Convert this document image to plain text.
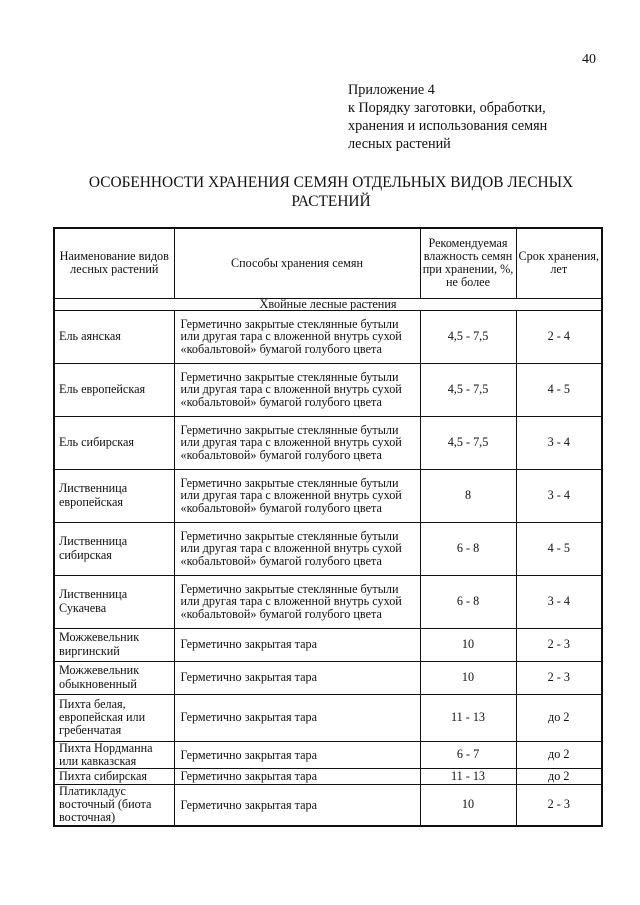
40
Приложение 4
к Порядку заготовки, обработки,
хранения и использования семян
лесных растений
ОСОБЕННОСТИ ХРАНЕНИЯ СЕМЯН ОТДЕЛЬНЫХ ВИДОВ ЛЕСНЫХ
РАСТЕНИЙ
Наименование видов лесных растений	Способы хранения семян	Рекомендуемая влажность семян при хранении, %, не более	Срок хранения, лет
Хвойные лесные растения			
Ель аянская	Герметично закрытые стеклянные бутыли или другая тара с вложенной внутрь сухой «кобальтовой» бумагой голубого цвета	4,5 - 7,5	2 - 4
Ель европейская	Герметично закрытые стеклянные бутыли или другая тара с вложенной внутрь сухой «кобальтовой» бумагой голубого цвета	4,5 - 7,5	4 - 5
Ель сибирская	Герметично закрытые стеклянные бутыли или другая тара с вложенной внутрь сухой «кобальтовой» бумагой голубого цвета	4,5 - 7,5	3 - 4
Лиственница европейская	Герметично закрытые стеклянные бутыли или другая тара с вложенной внутрь сухой «кобальтовой» бумагой голубого цвета	8	3 - 4
Лиственница сибирская	Герметично закрытые стеклянные бутыли или другая тара с вложенной внутрь сухой «кобальтовой» бумагой голубого цвета	6 - 8	4 - 5
Лиственница Сукачева	Герметично закрытые стеклянные бутыли или другая тара с вложенной внутрь сухой «кобальтовой» бумагой голубого цвета	6 - 8	3 - 4
Можжевельник виргинский	Герметично закрытая тара	10	2 - 3
Можжевельник обыкновенный	Герметично закрытая тара	10	2 - 3
Пихта белая, европейская или гребенчатая	Герметично закрытая тара	11 - 13	до 2
Пихта Нордманна или кавказская	Герметично закрытая тара	6 - 7	до 2
Пихта сибирская	Герметично закрытая тара	11 - 13	до 2
Платикладус восточный (биота восточная)	Герметично закрытая тара	10	2 - 3
